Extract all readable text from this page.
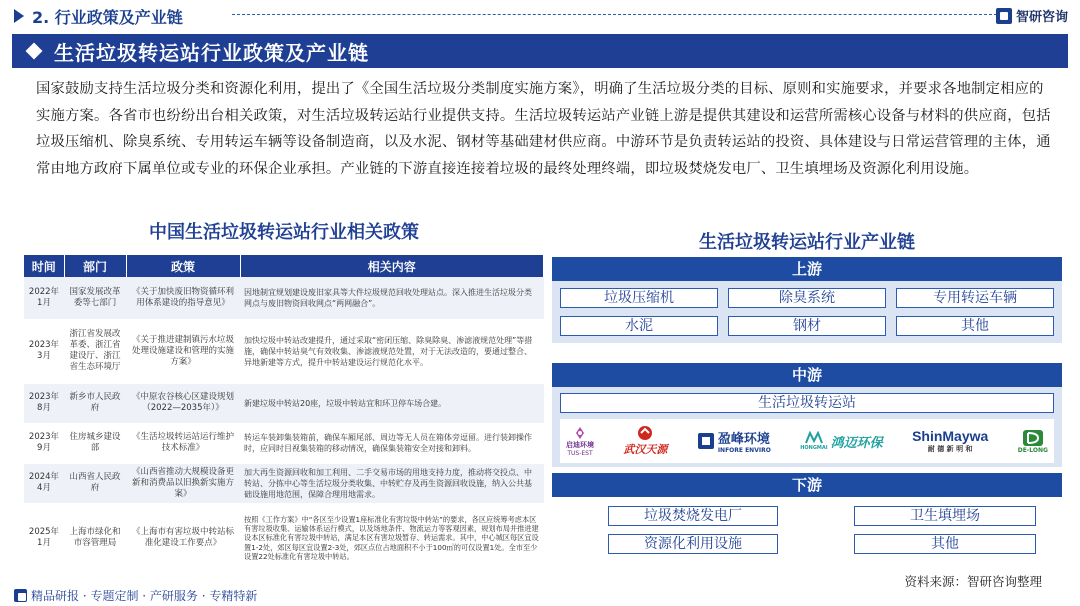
2. 行业政策及产业链	智研咨询
生活垃圾转运站行业政策及产业链
国家鼓励支持生活垃圾分类和资源化利用，提出了《全国生活垃圾分类制度实施方案》，明确了生活垃圾分类的目标、原则和实施要求，并要求各地制定相应的实施方案。各省市也纷纷出台相关政策，对生活垃圾转运站行业提供支持。生活垃圾转运站产业链上游是提供其建设和运营所需核心设备与材料的供应商，包括垃圾压缩机、除臭系统、专用转运车辆等设备制造商，以及水泥、钢材等基础建材供应商。中游环节是负责转运站的投资、具体建设与日常运营管理的主体，通常由地方政府下属单位或专业的环保企业承担。产业链的下游直接连接着垃圾的最终处理终端，即垃圾焚烧发电厂、卫生填埋场及资源化利用设施。
中国生活垃圾转运站行业相关政策
时间	部门	政策	相关内容
2022年1月	国家发展改革委等七部门	《关于加快废旧物资循环利用体系建设的指导意见》	因地制宜规划建设废旧家具等大件垃圾规范回收处理站点。深入推进生活垃圾分类网点与废旧物资回收网点“两网融合”。
2023年3月	浙江省发展改革委、浙江省建设厅、浙江省生态环境厅	《关于推进建制镇污水垃圾处理设施建设和管理的实施方案》	加快垃圾中转站改建提升，通过采取“密闭压缩、除臭除臭、渗滤液规范处理”等措施，确保中转站臭气有效收集、渗滤液规范处置，对于无法改造的，要通过整合、异地新建等方式，提升中转站建设运行规范化水平。
2023年8月	新乡市人民政府	《中原农谷核心区建设规划（2022—2035年）》	新建垃圾中转站20座，垃圾中转站宜和环卫停车场合建。
2023年9月	住房城乡建设部	《生活垃圾转运站运行维护技术标准》	转运车装卸集装箱前，确保车厢尾部、周边等无人员在箱体旁逗留。进行装卸操作时，应同时目视集装箱的移动情况，确保集装箱安全对接和卸料。
2024年4月	山西省人民政府	《山西省推动大规模设备更新和消费品以旧换新实施方案》	加大再生资源回收和加工利用、二手交易市场的用地支持力度，推动将交投点、中转站、分拣中心等生活垃圾分类收集、中转贮存及再生资源回收设施，纳入公共基础设施用地范围，保障合理用地需求。
2025年1月	上海市绿化和市容管理局	《上海市有害垃圾中转站标准化建设工作要点》	按照《工作方案》中“各区至少设置1座标准化有害垃圾中转站”的要求，各区应统筹考虑本区有害垃圾收集、运输体系运行模式，以及场地条件、物流运力等客观因素，规划布局并推进建设本区标准化有害垃圾中转站，满足本区有害垃圾暂存、转运需求。其中，中心城区每区宜设置1-2处，郊区每区宜设置2-3处，郊区点位占地面积不小于100㎡的可仅设置1处。全市至少设置22处标准化有害垃圾中转站。
生活垃圾转运站行业产业链
上游
垃圾压缩机	除臭系统	专用转运车辆
水泥	钢材	其他
中游
生活垃圾转运站
启迪环境
TUS-EST	武汉天源
盈峰环境
INFORE ENVIRO	HONGMAI 鸿迈环保 ShinMaywa
耐 德 新 明 和	DE-LONG
下游
垃圾焚烧发电厂	卫生填埋场
资源化利用设施	其他
精品研报 · 专题定制 · 产研服务 · 专精特新
资料来源：智研咨询整理
